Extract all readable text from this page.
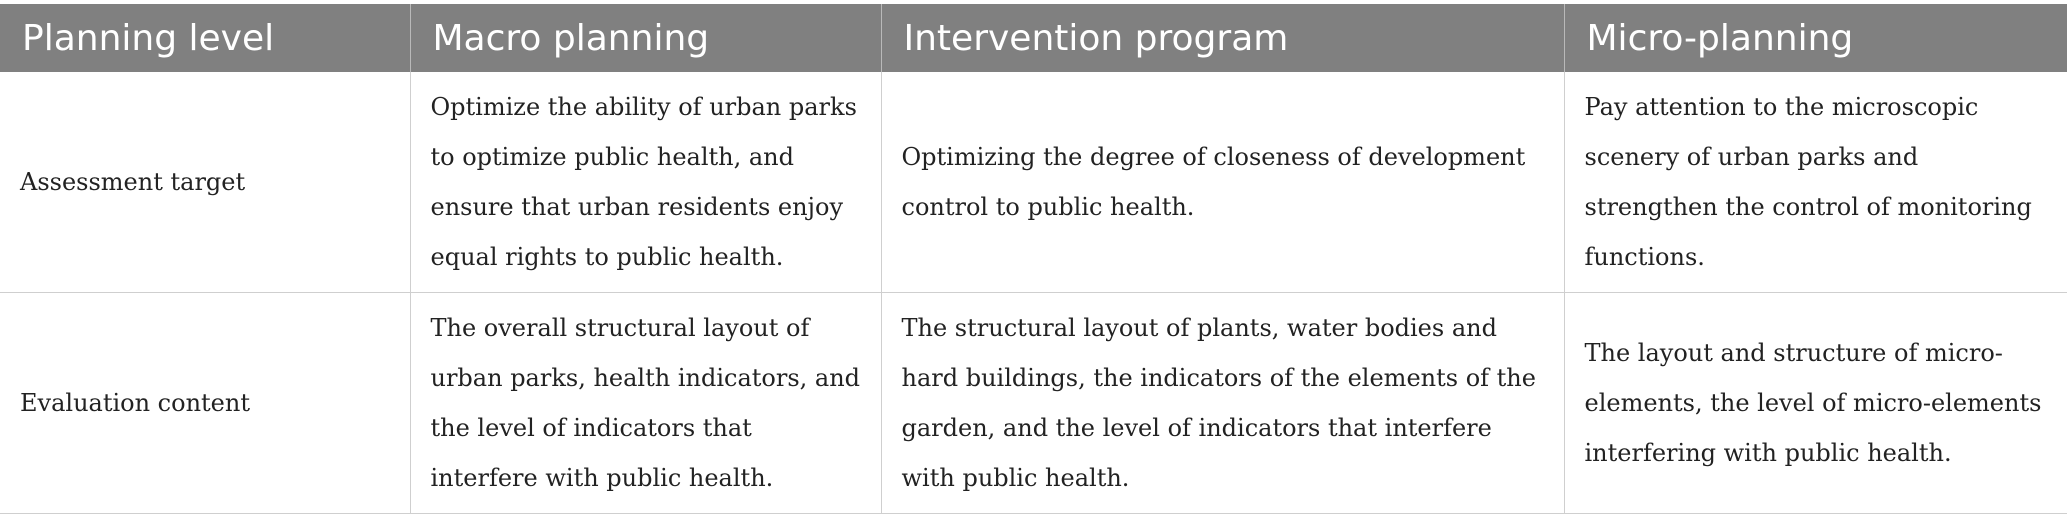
Planning level	Macro planning	Intervention program	Micro-planning
Assessment target	Optimize the ability of urban parks to optimize public health, and ensure that urban residents enjoy equal rights to public health.	Optimizing the degree of closeness of development control to public health.	Pay attention to the microscopic scenery of urban parks and strengthen the control of monitoring functions.
Evaluation content	The overall structural layout of urban parks, health indicators, and the level of indicators that interfere with public health.	The structural layout of plants, water bodies and hard buildings, the indicators of the elements of the garden, and the level of indicators that interfere with public health.	The layout and structure of micro-elements, the level of micro-elements interfering with public health.
